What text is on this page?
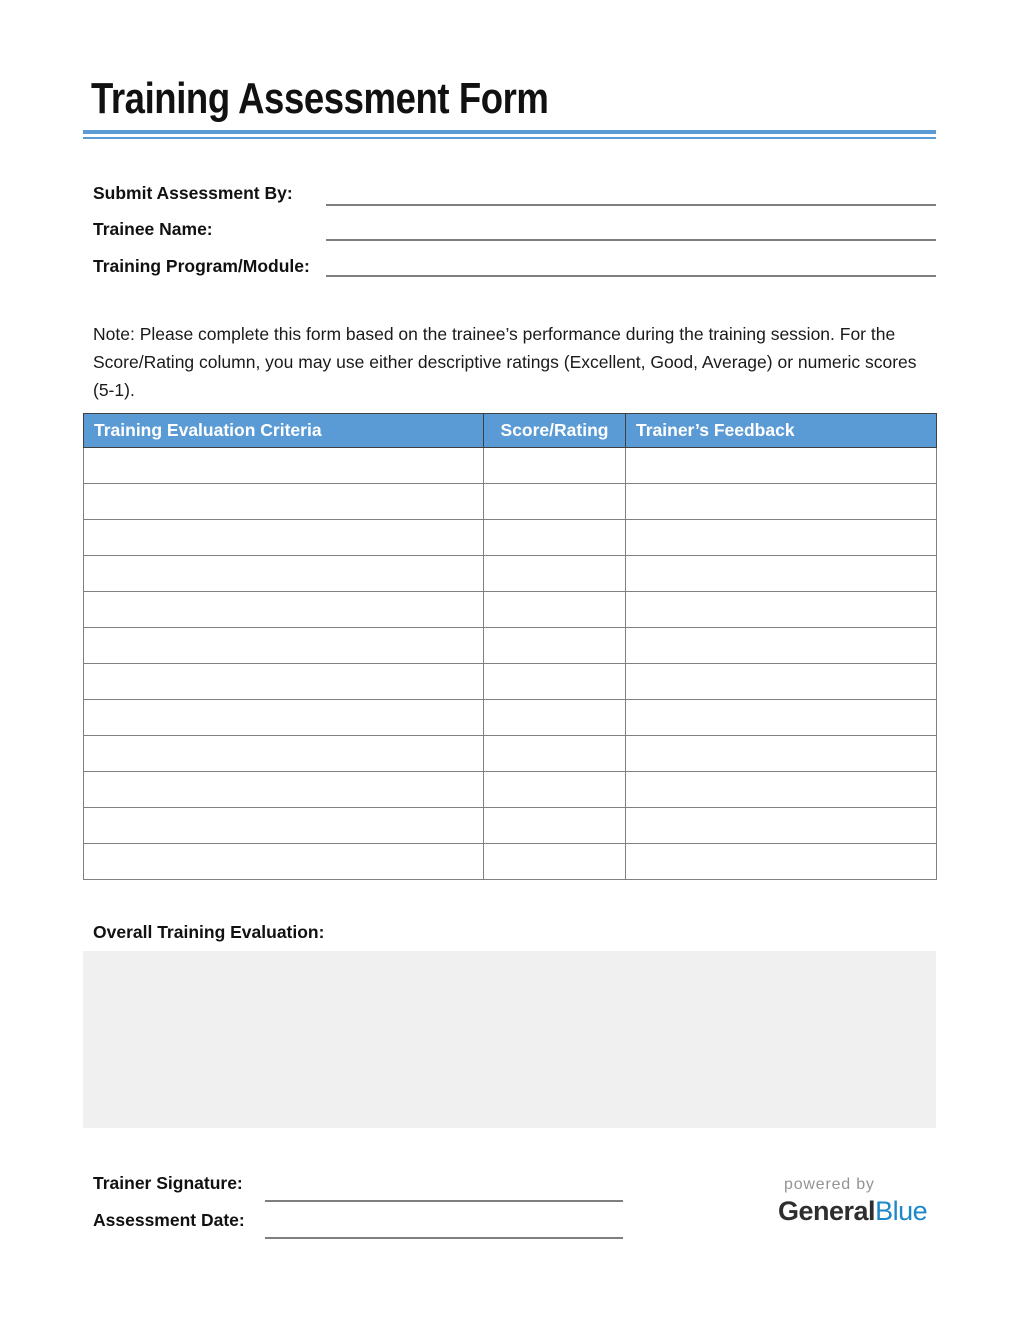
Training Assessment Form
Submit Assessment By:
Trainee Name:
Training Program/Module:
Note: Please complete this form based on the trainee’s performance during the training session. For the Score/Rating column, you may use either descriptive ratings (Excellent, Good, Average) or numeric scores (5-1).
Training Evaluation Criteria	Score/Rating	Trainer’s Feedback

Overall Training Evaluation:
Trainer Signature:
Assessment Date:
powered by
GeneralBlue
